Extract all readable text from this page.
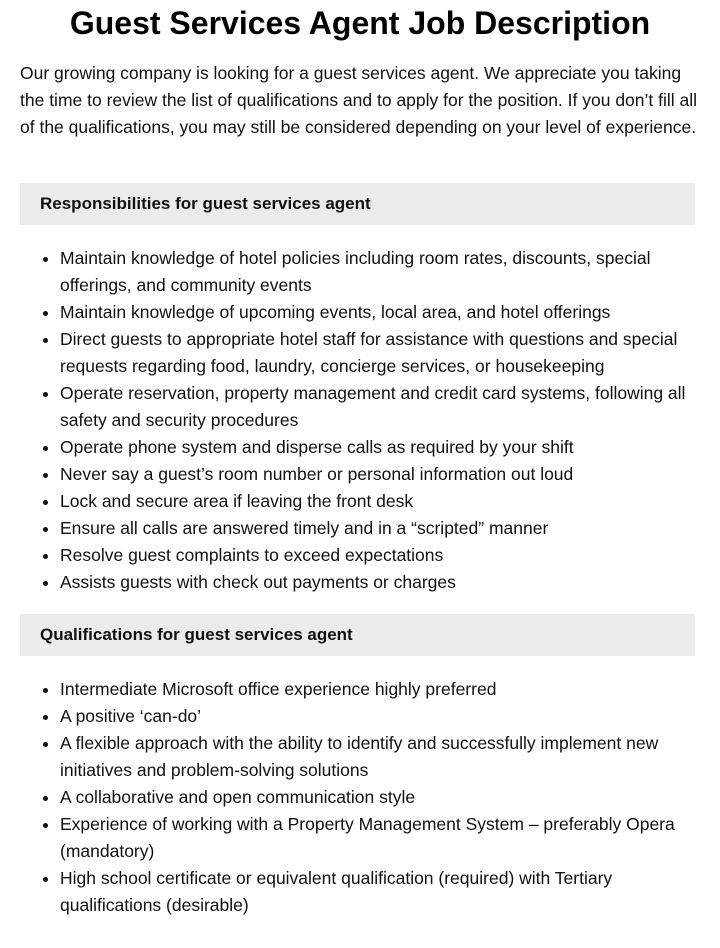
Guest Services Agent Job Description

Our growing company is looking for a guest services agent. We appreciate you taking the time to review the list of qualifications and to apply for the position. If you don’t fill all of the qualifications, you may still be considered depending on your level of experience.

Responsibilities for guest services agent
• Maintain knowledge of hotel policies including room rates, discounts, special offerings, and community events
• Maintain knowledge of upcoming events, local area, and hotel offerings
• Direct guests to appropriate hotel staff for assistance with questions and special requests regarding food, laundry, concierge services, or housekeeping
• Operate reservation, property management and credit card systems, following all safety and security procedures
• Operate phone system and disperse calls as required by your shift
• Never say a guest’s room number or personal information out loud
• Lock and secure area if leaving the front desk
• Ensure all calls are answered timely and in a “scripted” manner
• Resolve guest complaints to exceed expectations
• Assists guests with check out payments or charges
Qualifications for guest services agent
• Intermediate Microsoft office experience highly preferred
• A positive ‘can-do’
• A flexible approach with the ability to identify and successfully implement new initiatives and problem-solving solutions
• A collaborative and open communication style
• Experience of working with a Property Management System – preferably Opera (mandatory)
• High school certificate or equivalent qualification (required) with Tertiary qualifications (desirable)
